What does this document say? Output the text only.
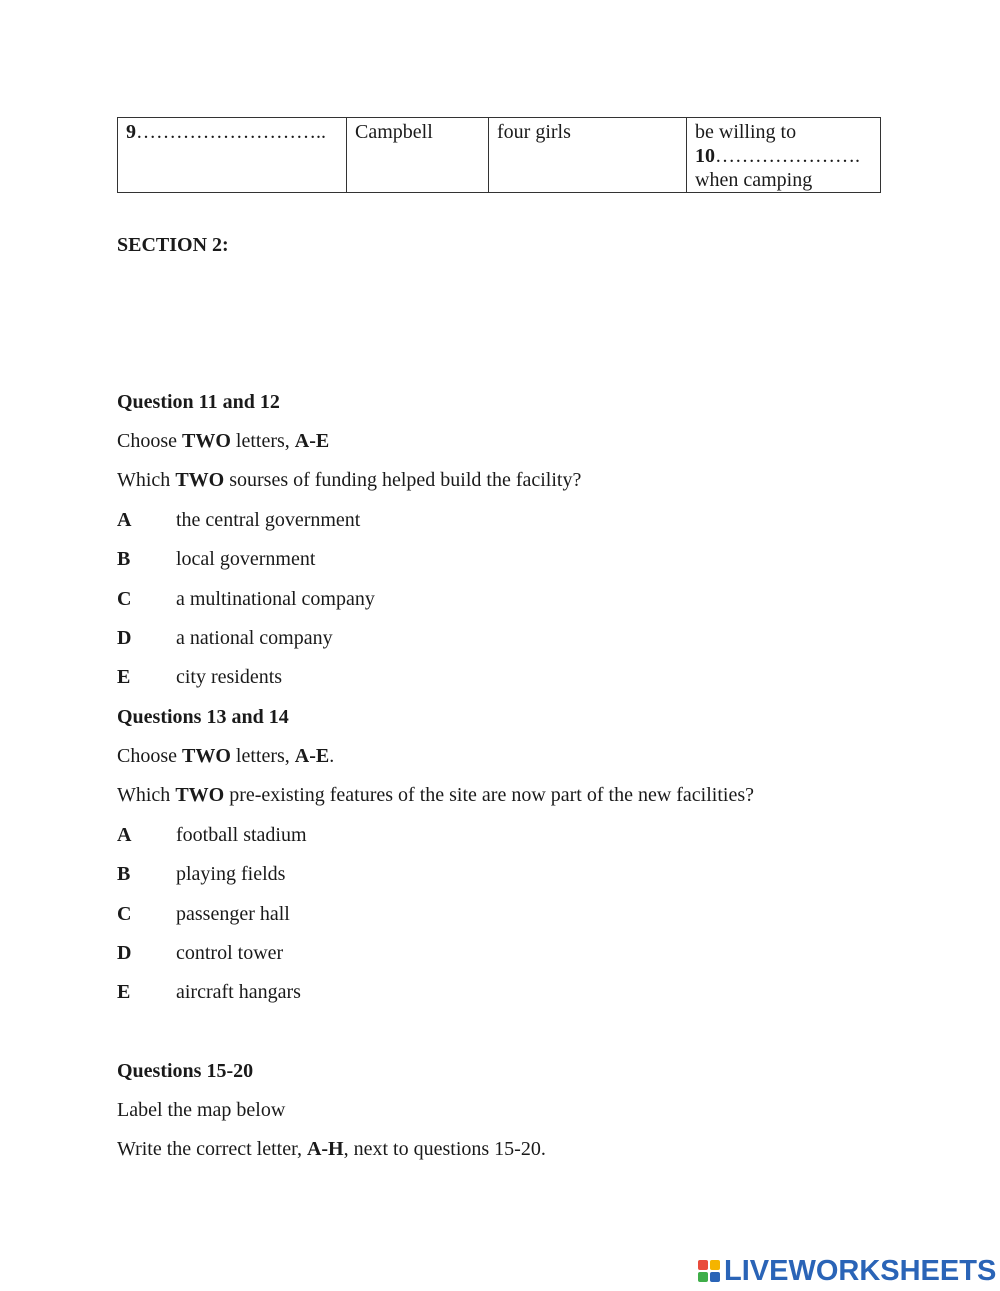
9………………………..	Campbell	four girls	be willing to
10………………….
when camping
SECTION 2:
Question 11 and 12
Choose TWO letters, A-E
Which TWO sourses of funding helped build the facility?
A the central government
B local government
C a multinational company
D a national company
E city residents
Questions 13 and 14
Choose TWO letters, A-E.
Which TWO pre-existing features of the site are now part of the new facilities?
A football stadium
B playing fields
C passenger hall
D control tower
E aircraft hangars
Questions 15-20
Label the map below
Write the correct letter, A-H, next to questions 15-20.
LIVEWORKSHEETS
